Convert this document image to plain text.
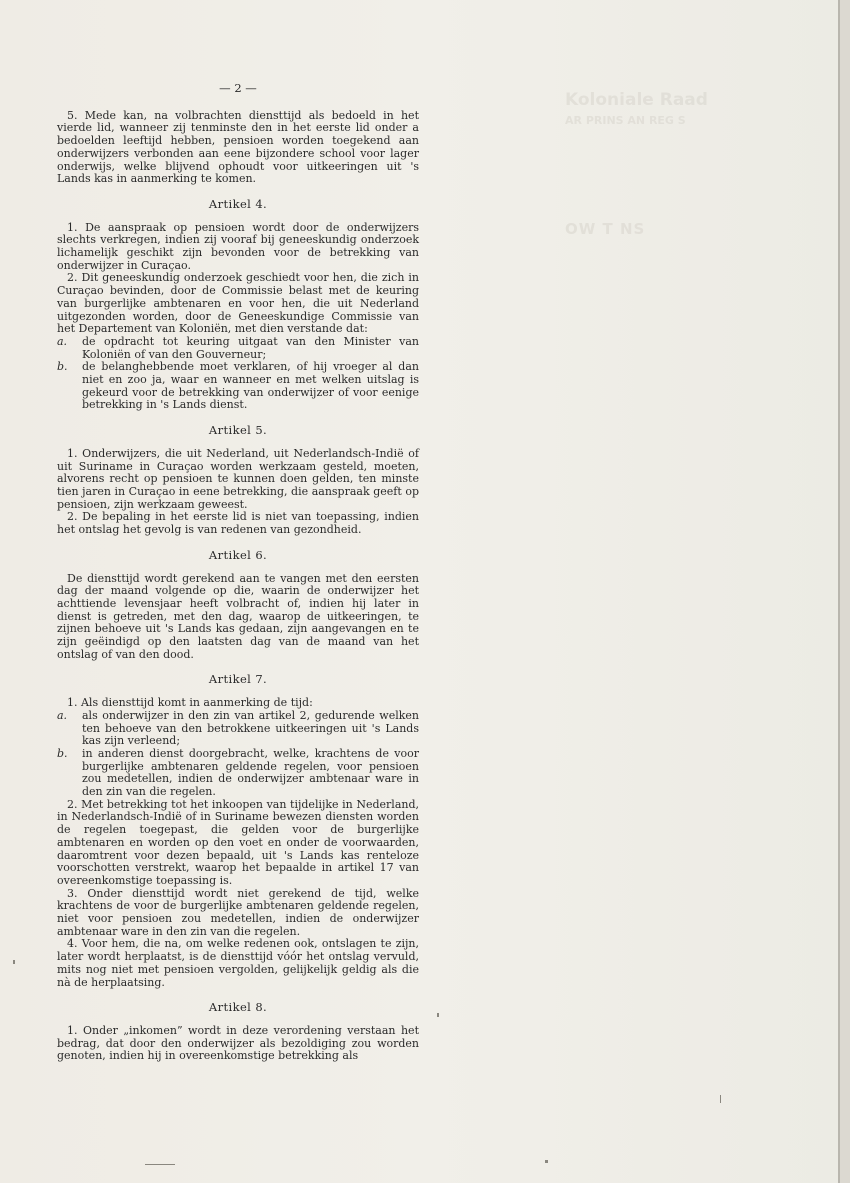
Koloniale Raad
AR PRINS AN REG S
OW T NS
— 2 —

5. Mede kan, na volbrachten diensttijd als bedoeld in het vierde lid, wanneer zij tenminste den in het eerste lid onder a bedoelden leeftijd hebben, pensioen worden toegekend aan onderwijzers verbonden aan eene bijzondere school voor lager onderwijs, welke blijvend ophoudt voor uitkeeringen uit 's Lands kas in aanmerking te komen.

Artikel 4.

1. De aanspraak op pensioen wordt door de onderwijzers slechts verkregen, indien zij vooraf bij geneeskundig onderzoek lichamelijk geschikt zijn bevonden voor de betrekking van onderwijzer in Curaçao.

2. Dit geneeskundig onderzoek geschiedt voor hen, die zich in Curaçao bevinden, door de Commissie belast met de keuring van burgerlijke ambtenaren en voor hen, die uit Nederland uitgezonden worden, door de Geneeskundige Commissie van het Departement van Koloniën, met dien verstande dat:

a. de opdracht tot keuring uitgaat van den Minister van Koloniën of van den Gouverneur;
b. de belanghebbende moet verklaren, of hij vroeger al dan niet en zoo ja, waar en wanneer en met welken uitslag is gekeurd voor de betrekking van onderwijzer of voor eenige betrekking in 's Lands dienst.
Artikel 5.

1. Onderwijzers, die uit Nederland, uit Nederlandsch-Indië of uit Suriname in Curaçao worden werkzaam gesteld, moeten, alvorens recht op pensioen te kunnen doen gelden, ten minste tien jaren in Curaçao in eene betrekking, die aanspraak geeft op pensioen, zijn werkzaam geweest.

2. De bepaling in het eerste lid is niet van toepassing, indien het ontslag het gevolg is van redenen van gezondheid.

Artikel 6.

De diensttijd wordt gerekend aan te vangen met den eersten dag der maand volgende op die, waarin de onderwijzer het achttiende levensjaar heeft volbracht of, indien hij later in dienst is getreden, met den dag, waarop de uitkeeringen, te zijnen behoeve uit 's Lands kas gedaan, zijn aangevangen en te zijn geëindigd op den laatsten dag van de maand van het ontslag of van den dood.

Artikel 7.

1. Als diensttijd komt in aanmerking de tijd:

a. als onderwijzer in den zin van artikel 2, gedurende welken ten behoeve van den betrokkene uitkeeringen uit 's Lands kas zijn verleend;
b. in anderen dienst doorgebracht, welke, krachtens de voor burgerlijke ambtenaren geldende regelen, voor pensioen zou medetellen, indien de onderwijzer ambtenaar ware in den zin van die regelen.

2. Met betrekking tot het inkoopen van tijdelijke in Nederland, in Nederlandsch-Indië of in Suriname bewezen diensten worden de regelen toegepast, die gelden voor de burgerlijke ambtenaren en worden op den voet en onder de voorwaarden, daaromtrent voor dezen bepaald, uit 's Lands kas renteloze voorschotten verstrekt, waarop het bepaalde in artikel 17 van overeenkomstige toepassing is.

3. Onder diensttijd wordt niet gerekend de tijd, welke krachtens de voor de burgerlijke ambtenaren geldende regelen, niet voor pensioen zou medetellen, indien de onderwijzer ambtenaar ware in den zin van die regelen.

4. Voor hem, die na, om welke redenen ook, ontslagen te zijn, later wordt herplaatst, is de diensttijd vóór het ontslag vervuld, mits nog niet met pensioen vergolden, gelijkelijk geldig als die nà de herplaatsing.

Artikel 8.

1. Onder „inkomen” wordt in deze verordening verstaan het bedrag, dat door den onderwijzer als bezoldiging zou worden genoten, indien hij in overeenkomstige betrekking als
